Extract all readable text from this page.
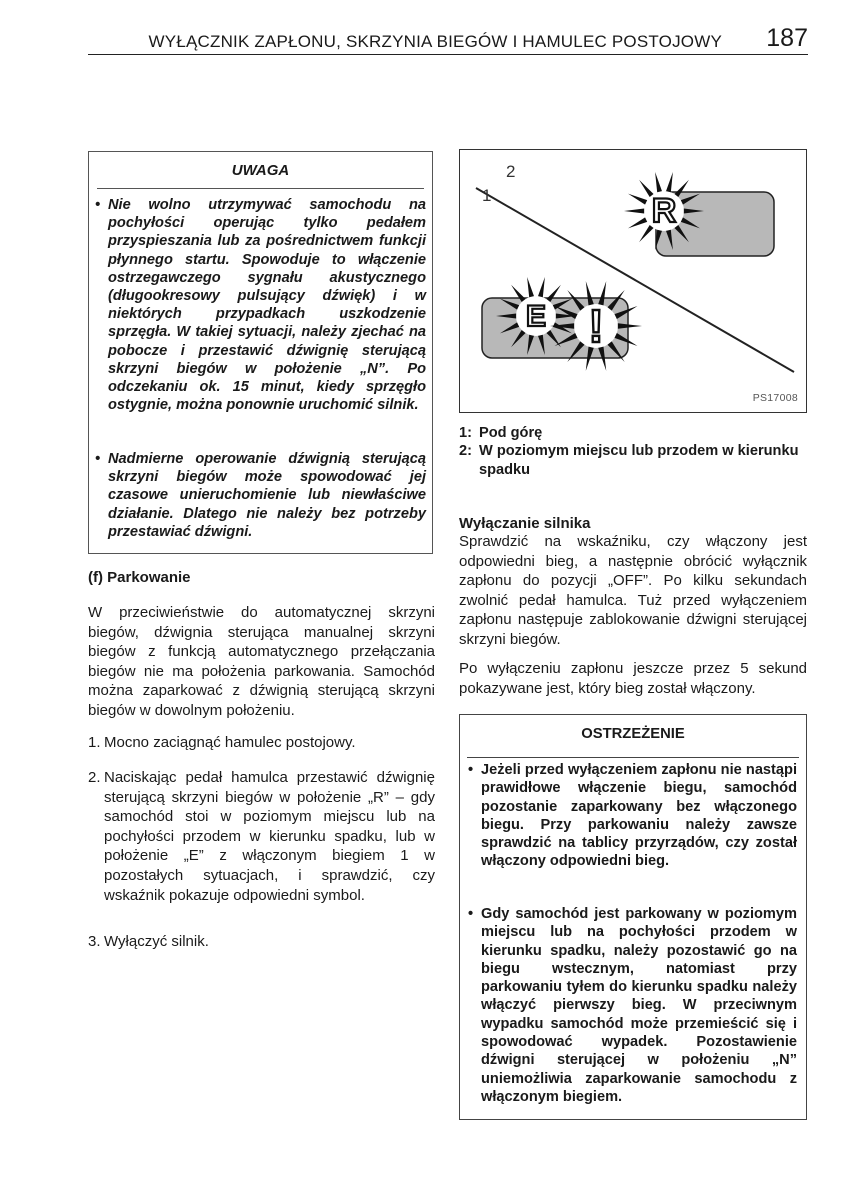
WYŁĄCZNIK ZAPŁONU, SKRZYNIA BIEGÓW I HAMULEC POSTOJOWY 187
UWAGA

• Nie wolno utrzymywać samochodu na pochyłości operując tylko pedałem przyspieszania lub za pośrednictwem funkcji płynnego startu. Spowoduje to włączenie ostrzegawczego sygnału akustycznego (długookresowy pulsujący dźwięk) i w niektórych przypadkach uszkodzenie sprzęgła. W takiej sytuacji, należy zjechać na pobocze i przestawić dźwignię sterującą skrzyni biegów w położenie „N”. Po odczekaniu ok. 15 minut, kiedy sprzęgło ostygnie, można ponownie uruchomić silnik.

• Nadmierne operowanie dźwignią sterującą skrzyni biegów może spowodować jej czasowe unieruchomienie lub niewłaściwe działanie. Dlatego nie należy bez potrzeby przestawiać dźwigni.

(f) Parkowanie

W przeciwieństwie do automatycznej skrzyni biegów, dźwignia sterująca manualnej skrzyni biegów z funkcją automatycznego przełączania biegów nie ma położenia parkowania. Samochód można zaparkować z dźwignią sterującą skrzyni biegów w dowolnym położeniu.

1. Mocno zaciągnąć hamulec postojowy.

2. Naciskając pedał hamulca przestawić dźwignię sterującą skrzyni biegów w położenie „R” – gdy samochód stoi w poziomym miejscu lub na pochyłości przodem w kierunku spadku, lub w położenie „E” z włączonym biegiem 1 w pozostałych sytuacjach, i sprawdzić, czy wskaźnik pokazuje odpowiedni symbol.

3. Wyłączyć silnik.

R
E !
1
2
PS17008

1: Pod górę

2: W poziomym miejscu lub przodem w kierunku spadku

Wyłączanie silnika

Sprawdzić na wskaźniku, czy włączony jest odpowiedni bieg, a następnie obrócić wyłącznik zapłonu do pozycji „OFF”. Po kilku sekundach zwolnić pedał hamulca. Tuż przed wyłączeniem zapłonu następuje zablokowanie dźwigni sterującej skrzyni biegów.

Po wyłączeniu zapłonu jeszcze przez 5 sekund pokazywane jest, który bieg został włączony.

OSTRZEŻENIE

• Jeżeli przed wyłączeniem zapłonu nie nastąpi prawidłowe włączenie biegu, samochód pozostanie zaparkowany bez włączonego biegu. Przy parkowaniu należy zawsze sprawdzić na tablicy przyrządów, czy został włączony odpowiedni bieg.

• Gdy samochód jest parkowany w poziomym miejscu lub na pochyłości przodem w kierunku spadku, należy pozostawić go na biegu wstecznym, natomiast przy parkowaniu tyłem do kierunku spadku należy włączyć pierwszy bieg. W przeciwnym wypadku samochód może przemieścić się i spowodować wypadek. Pozostawienie dźwigni sterującej w położeniu „N” uniemożliwia zaparkowanie samochodu z włączonym biegiem.
